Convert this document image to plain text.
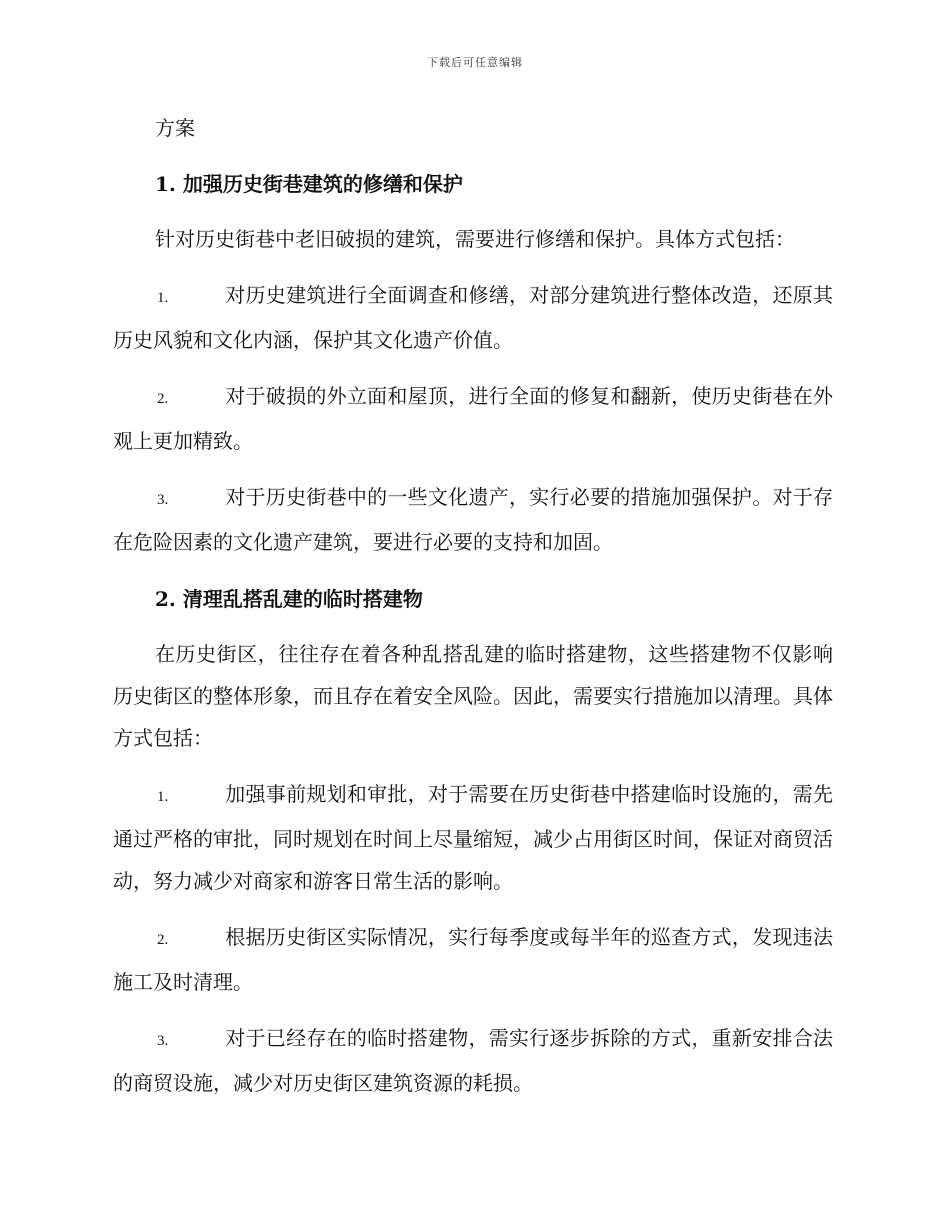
下载后可任意编辑
方案
1. 加强历史街巷建筑的修缮和保护

针对历史街巷中老旧破损的建筑，需要进行修缮和保护。具体方式包括：

1.	对历史建筑进行全面调查和修缮，对部分建筑进行整体改造，还原其历史风貌和文化内涵，保护其文化遗产价值。

2.	对于破损的外立面和屋顶，进行全面的修复和翻新，使历史街巷在外观上更加精致。

3.	对于历史街巷中的一些文化遗产，实行必要的措施加强保护。对于存在危险因素的文化遗产建筑，要进行必要的支持和加固。

2. 清理乱搭乱建的临时搭建物

在历史街区，往往存在着各种乱搭乱建的临时搭建物，这些搭建物不仅影响历史街区的整体形象，而且存在着安全风险。因此，需要实行措施加以清理。具体方式包括：

1.	加强事前规划和审批，对于需要在历史街巷中搭建临时设施的，需先通过严格的审批，同时规划在时间上尽量缩短，减少占用街区时间，保证对商贸活动，努力减少对商家和游客日常生活的影响。

2.	根据历史街区实际情况，实行每季度或每半年的巡查方式，发现违法施工及时清理。

3.	对于已经存在的临时搭建物，需实行逐步拆除的方式，重新安排合法的商贸设施，减少对历史街区建筑资源的耗损。
